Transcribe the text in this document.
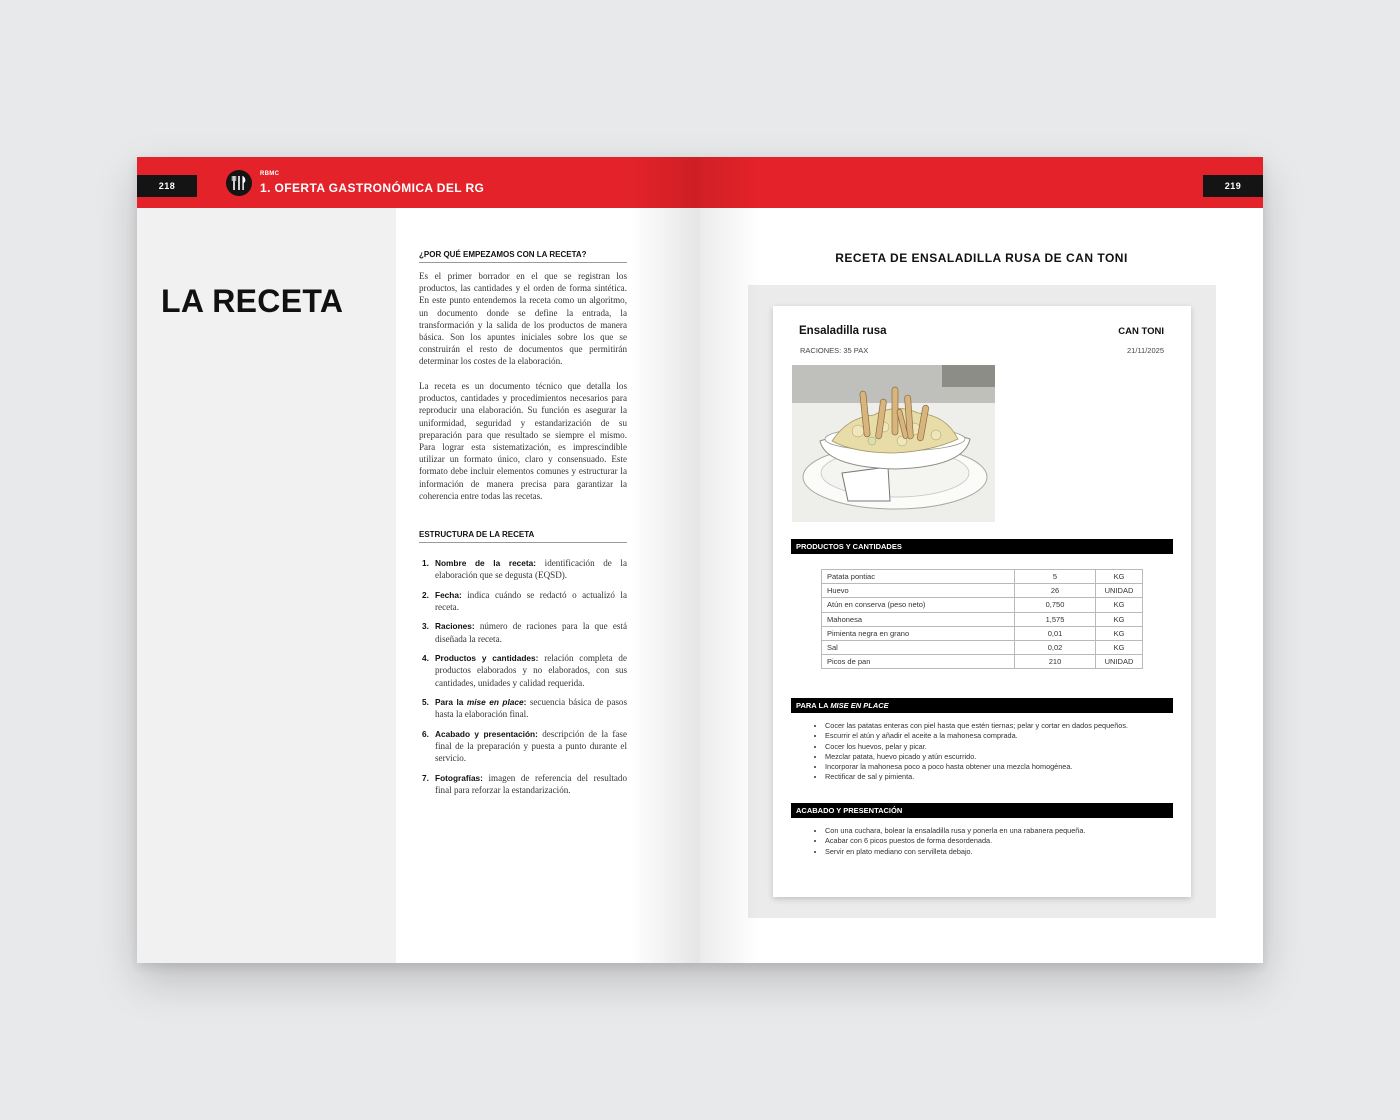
218
RBMC
1. OFERTA GASTRONÓMICA DEL RG
LA RECETA
¿POR QUÉ EMPEZAMOS CON LA RECETA?

Es el primer borrador en el que se registran los productos, las cantidades y el orden de forma sintética. En este punto entendemos la receta como un algoritmo, un documento donde se define la entrada, la transformación y la salida de los productos de manera básica. Son los apuntes iniciales sobre los que se construirán el resto de documentos que permitirán determinar los costes de la elaboración.

La receta es un documento técnico que detalla los productos, cantidades y procedimientos necesarios para reproducir una elaboración. Su función es asegurar la uniformidad, seguridad y estandarización de su preparación para que resultado se siempre el mismo. Para lograr esta sistematización, es imprescindible utilizar un formato único, claro y consensuado. Este formato debe incluir elementos comunes y estructurar la información de manera precisa para garantizar la coherencia entre todas las recetas.

ESTRUCTURA DE LA RECETA
1. Nombre de la receta: identificación de la elaboración que se degusta (EQSD).
2. Fecha: indica cuándo se redactó o actualizó la receta.
3. Raciones: número de raciones para la que está diseñada la receta.
4. Productos y cantidades: relación completa de productos elaborados y no elaborados, con sus cantidades, unidades y calidad requerida.
5. Para la mise en place: secuencia básica de pasos hasta la elaboración final.
6. Acabado y presentación: descripción de la fase final de la preparación y puesta a punto durante el servicio.
7. Fotografías: imagen de referencia del resultado final para reforzar la estandarización.
219
RECETA DE ENSALADILLA RUSA DE CAN TONI
Ensaladilla rusa	CAN TONI
RACIONES: 35 PAX	21/11/2025
PRODUCTOS Y CANTIDADES
Patata pontiac	5	KG
Huevo	26	UNIDAD
Atún en conserva (peso neto)	0,750	KG
Mahonesa	1,575	KG
Pimienta negra en grano	0,01	KG
Sal	0,02	KG
Picos de pan	210	UNIDAD
PARA LA MISE EN PLACE
• Cocer las patatas enteras con piel hasta que estén tiernas; pelar y cortar en dados pequeños.
• Escurrir el atún y añadir el aceite a la mahonesa comprada.
• Cocer los huevos, pelar y picar.
• Mezclar patata, huevo picado y atún escurrido.
• Incorporar la mahonesa poco a poco hasta obtener una mezcla homogénea.
• Rectificar de sal y pimienta.
ACABADO Y PRESENTACIÓN
• Con una cuchara, bolear la ensaladilla rusa y ponerla en una rabanera pequeña.
• Acabar con 6 picos puestos de forma desordenada.
• Servir en plato mediano con servilleta debajo.
